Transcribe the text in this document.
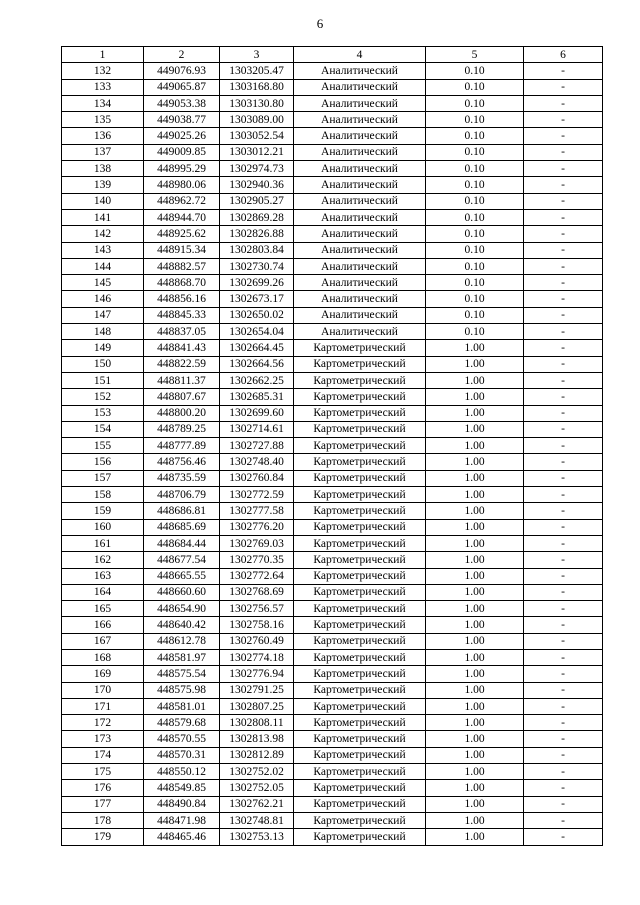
6
1	2	3	4	5	6
132	449076.93	1303205.47	Аналитический	0.10	-
133	449065.87	1303168.80	Аналитический	0.10	-
134	449053.38	1303130.80	Аналитический	0.10	-
135	449038.77	1303089.00	Аналитический	0.10	-
136	449025.26	1303052.54	Аналитический	0.10	-
137	449009.85	1303012.21	Аналитический	0.10	-
138	448995.29	1302974.73	Аналитический	0.10	-
139	448980.06	1302940.36	Аналитический	0.10	-
140	448962.72	1302905.27	Аналитический	0.10	-
141	448944.70	1302869.28	Аналитический	0.10	-
142	448925.62	1302826.88	Аналитический	0.10	-
143	448915.34	1302803.84	Аналитический	0.10	-
144	448882.57	1302730.74	Аналитический	0.10	-
145	448868.70	1302699.26	Аналитический	0.10	-
146	448856.16	1302673.17	Аналитический	0.10	-
147	448845.33	1302650.02	Аналитический	0.10	-
148	448837.05	1302654.04	Аналитический	0.10	-
149	448841.43	1302664.45	Картометрический	1.00	-
150	448822.59	1302664.56	Картометрический	1.00	-
151	448811.37	1302662.25	Картометрический	1.00	-
152	448807.67	1302685.31	Картометрический	1.00	-
153	448800.20	1302699.60	Картометрический	1.00	-
154	448789.25	1302714.61	Картометрический	1.00	-
155	448777.89	1302727.88	Картометрический	1.00	-
156	448756.46	1302748.40	Картометрический	1.00	-
157	448735.59	1302760.84	Картометрический	1.00	-
158	448706.79	1302772.59	Картометрический	1.00	-
159	448686.81	1302777.58	Картометрический	1.00	-
160	448685.69	1302776.20	Картометрический	1.00	-
161	448684.44	1302769.03	Картометрический	1.00	-
162	448677.54	1302770.35	Картометрический	1.00	-
163	448665.55	1302772.64	Картометрический	1.00	-
164	448660.60	1302768.69	Картометрический	1.00	-
165	448654.90	1302756.57	Картометрический	1.00	-
166	448640.42	1302758.16	Картометрический	1.00	-
167	448612.78	1302760.49	Картометрический	1.00	-
168	448581.97	1302774.18	Картометрический	1.00	-
169	448575.54	1302776.94	Картометрический	1.00	-
170	448575.98	1302791.25	Картометрический	1.00	-
171	448581.01	1302807.25	Картометрический	1.00	-
172	448579.68	1302808.11	Картометрический	1.00	-
173	448570.55	1302813.98	Картометрический	1.00	-
174	448570.31	1302812.89	Картометрический	1.00	-
175	448550.12	1302752.02	Картометрический	1.00	-
176	448549.85	1302752.05	Картометрический	1.00	-
177	448490.84	1302762.21	Картометрический	1.00	-
178	448471.98	1302748.81	Картометрический	1.00	-
179	448465.46	1302753.13	Картометрический	1.00	-
